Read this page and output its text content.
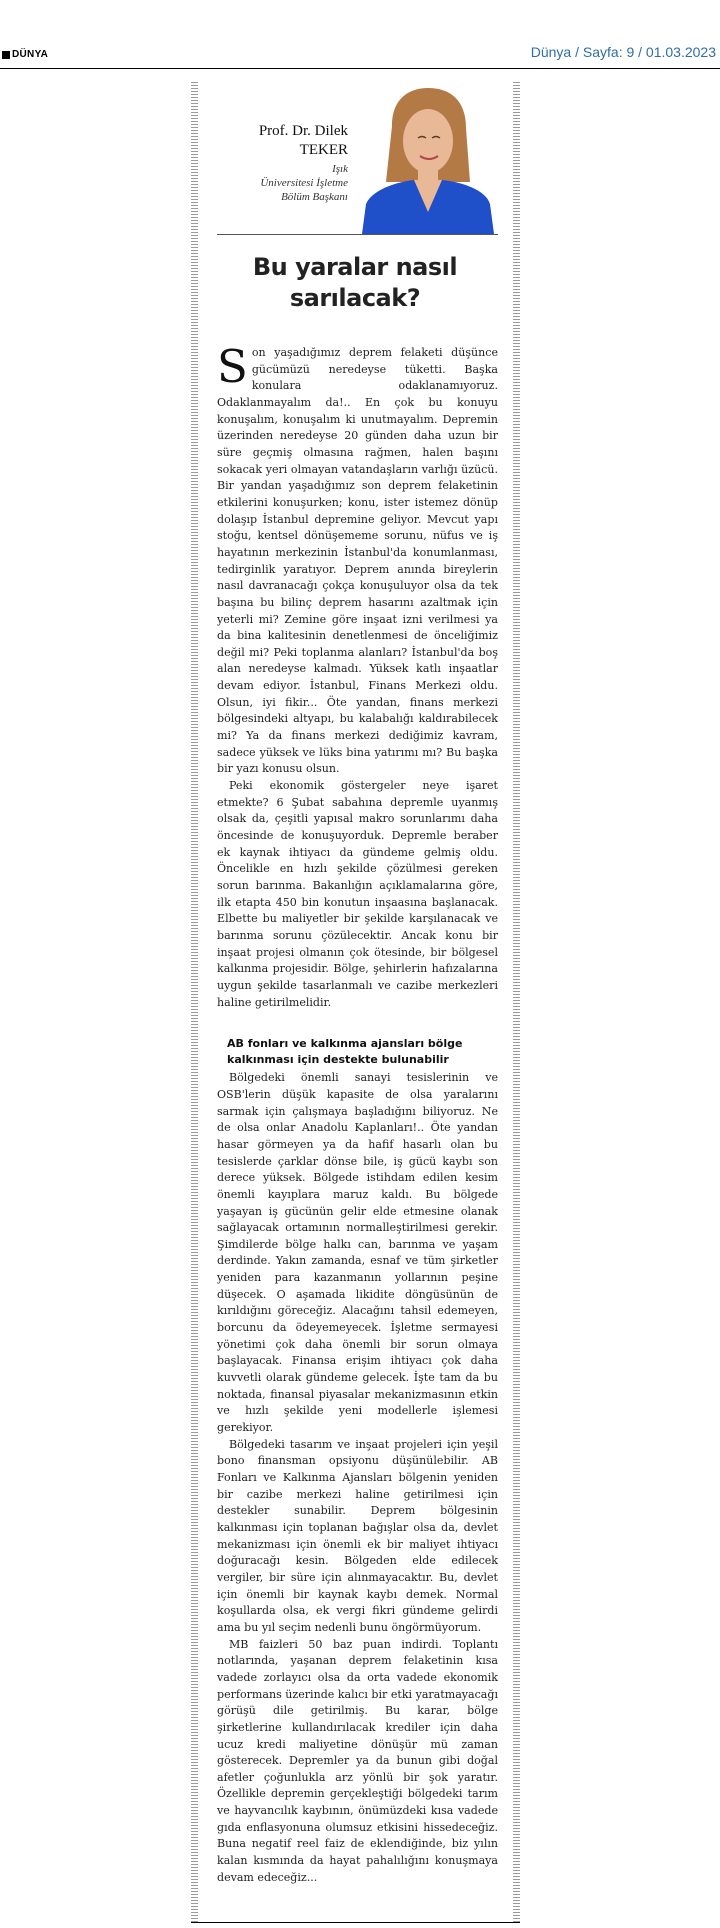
DÜNYA	Dünya / Sayfa: 9 / 01.03.2023
Prof. Dr. Dilek
TEKER
Işık
Üniversitesi İşletme
Bölüm Başkanı
Bu yaralar nasıl
sarılacak?

Son yaşadığımız deprem felaketi düşünce gücümüzü neredeyse tüketti. Başka konulara odaklanamıyoruz. Odaklanmayalım da!.. En çok bu konuyu konuşalım, konuşalım ki unutmayalım. Depremin üzerinden neredeyse 20 günden daha uzun bir süre geçmiş olmasına rağmen, halen başını sokacak yeri olmayan vatandaşların varlığı üzücü. Bir yandan yaşadığımız son deprem felaketinin etkilerini konuşurken; konu, ister istemez dönüp dolaşıp İstanbul depremine geliyor. Mevcut yapı stoğu, kentsel dönüşememe sorunu, nüfus ve iş hayatının merkezinin İstanbul'da konumlanması, tedirginlik yaratıyor. Deprem anında bireylerin nasıl davranacağı çokça konuşuluyor olsa da tek başına bu bilinç deprem hasarını azaltmak için yeterli mi? Zemine göre inşaat izni verilmesi ya da bina kalitesinin denetlenmesi de önceliğimiz değil mi? Peki toplanma alanları? İstanbul'da boş alan neredeyse kalmadı. Yüksek katlı inşaatlar devam ediyor. İstanbul, Finans Merkezi oldu. Olsun, iyi fikir... Öte yandan, finans merkezi bölgesindeki altyapı, bu kalabalığı kaldırabilecek mi? Ya da finans merkezi dediğimiz kavram, sadece yüksek ve lüks bina yatırımı mı? Bu başka bir yazı konusu olsun.

Peki ekonomik göstergeler neye işaret etmekte? 6 Şubat sabahına depremle uyanmış olsak da, çeşitli yapısal makro sorunlarımı daha öncesinde de konuşuyorduk. Depremle beraber ek kaynak ihtiyacı da gündeme gelmiş oldu. Öncelikle en hızlı şekilde çözülmesi gereken sorun barınma. Bakanlığın açıklamalarına göre, ilk etapta 450 bin konutun inşaasına başlanacak. Elbette bu maliyetler bir şekilde karşılanacak ve barınma sorunu çözülecektir. Ancak konu bir inşaat projesi olmanın çok ötesinde, bir bölgesel kalkınma projesidir. Bölge, şehirlerin hafızalarına uygun şekilde tasarlanmalı ve cazibe merkezleri haline getirilmelidir.

AB fonları ve kalkınma ajansları bölge
kalkınması için destekte bulunabilir

Bölgedeki önemli sanayi tesislerinin ve OSB'lerin düşük kapasite de olsa yaralarını sarmak için çalışmaya başladığını biliyoruz. Ne de olsa onlar Anadolu Kaplanları!.. Öte yandan hasar görmeyen ya da hafif hasarlı olan bu tesislerde çarklar dönse bile, iş gücü kaybı son derece yüksek. Bölgede istihdam edilen kesim önemli kayıplara maruz kaldı. Bu bölgede yaşayan iş gücünün gelir elde etmesine olanak sağlayacak ortamının normalleştirilmesi gerekir. Şimdilerde bölge halkı can, barınma ve yaşam derdinde. Yakın zamanda, esnaf ve tüm şirketler yeniden para kazanmanın yollarının peşine düşecek. O aşamada likidite döngüsünün de kırıldığını göreceğiz. Alacağını tahsil edemeyen, borcunu da ödeyemeyecek. İşletme sermayesi yönetimi çok daha önemli bir sorun olmaya başlayacak. Finansa erişim ihtiyacı çok daha kuvvetli olarak gündeme gelecek. İşte tam da bu noktada, finansal piyasalar mekanizmasının etkin ve hızlı şekilde yeni modellerle işlemesi gerekiyor.

Bölgedeki tasarım ve inşaat projeleri için yeşil bono finansman opsiyonu düşünülebilir. AB Fonları ve Kalkınma Ajansları bölgenin yeniden bir cazibe merkezi haline getirilmesi için destekler sunabilir. Deprem bölgesinin kalkınması için toplanan bağışlar olsa da, devlet mekanizması için önemli ek bir maliyet ihtiyacı doğuracağı kesin. Bölgeden elde edilecek vergiler, bir süre için alınmayacaktır. Bu, devlet için önemli bir kaynak kaybı demek. Normal koşullarda olsa, ek vergi fikri gündeme gelirdi ama bu yıl seçim nedenli bunu öngörmüyorum.

MB faizleri 50 baz puan indirdi. Toplantı notlarında, yaşanan deprem felaketinin kısa vadede zorlayıcı olsa da orta vadede ekonomik performans üzerinde kalıcı bir etki yaratmayacağı görüşü dile getirilmiş. Bu karar, bölge şirketlerine kullandırılacak krediler için daha ucuz kredi maliyetine dönüşür mü zaman gösterecek. Depremler ya da bunun gibi doğal afetler çoğunlukla arz yönlü bir şok yaratır. Özellikle depremin gerçekleştiği bölgedeki tarım ve hayvancılık kaybının, önümüzdeki kısa vadede gıda enflasyonuna olumsuz etkisini hissedeceğiz. Buna negatif reel faiz de eklendiğinde, biz yılın kalan kısmında da hayat pahalılığını konuşmaya devam edeceğiz...
